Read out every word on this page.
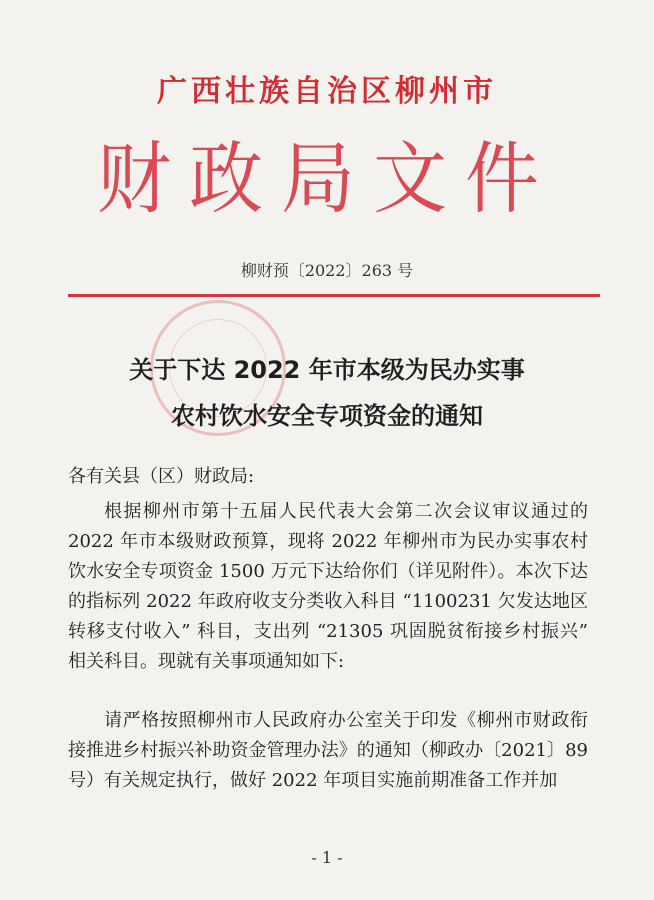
广西壮族自治区柳州市
财政局文件
柳财预〔2022〕263 号
关于下达 2022 年市本级为民办实事
农村饮水安全专项资金的通知
各有关县（区）财政局:
根据柳州市第十五届人民代表大会第二次会议审议通过的 2022 年市本级财政预算，现将 2022 年柳州市为民办实事农村饮水安全专项资金 1500 万元下达给你们（详见附件）。本次下达的指标列 2022 年政府收支分类收入科目 “1100231 欠发达地区转移支付收入” 科目，支出列 “21305 巩固脱贫衔接乡村振兴” 相关科目。现就有关事项通知如下:
请严格按照柳州市人民政府办公室关于印发《柳州市财政衔接推进乡村振兴补助资金管理办法》的通知（柳政办〔2021〕89 号）有关规定执行，做好 2022 年项目实施前期准备工作并加
- 1 -
